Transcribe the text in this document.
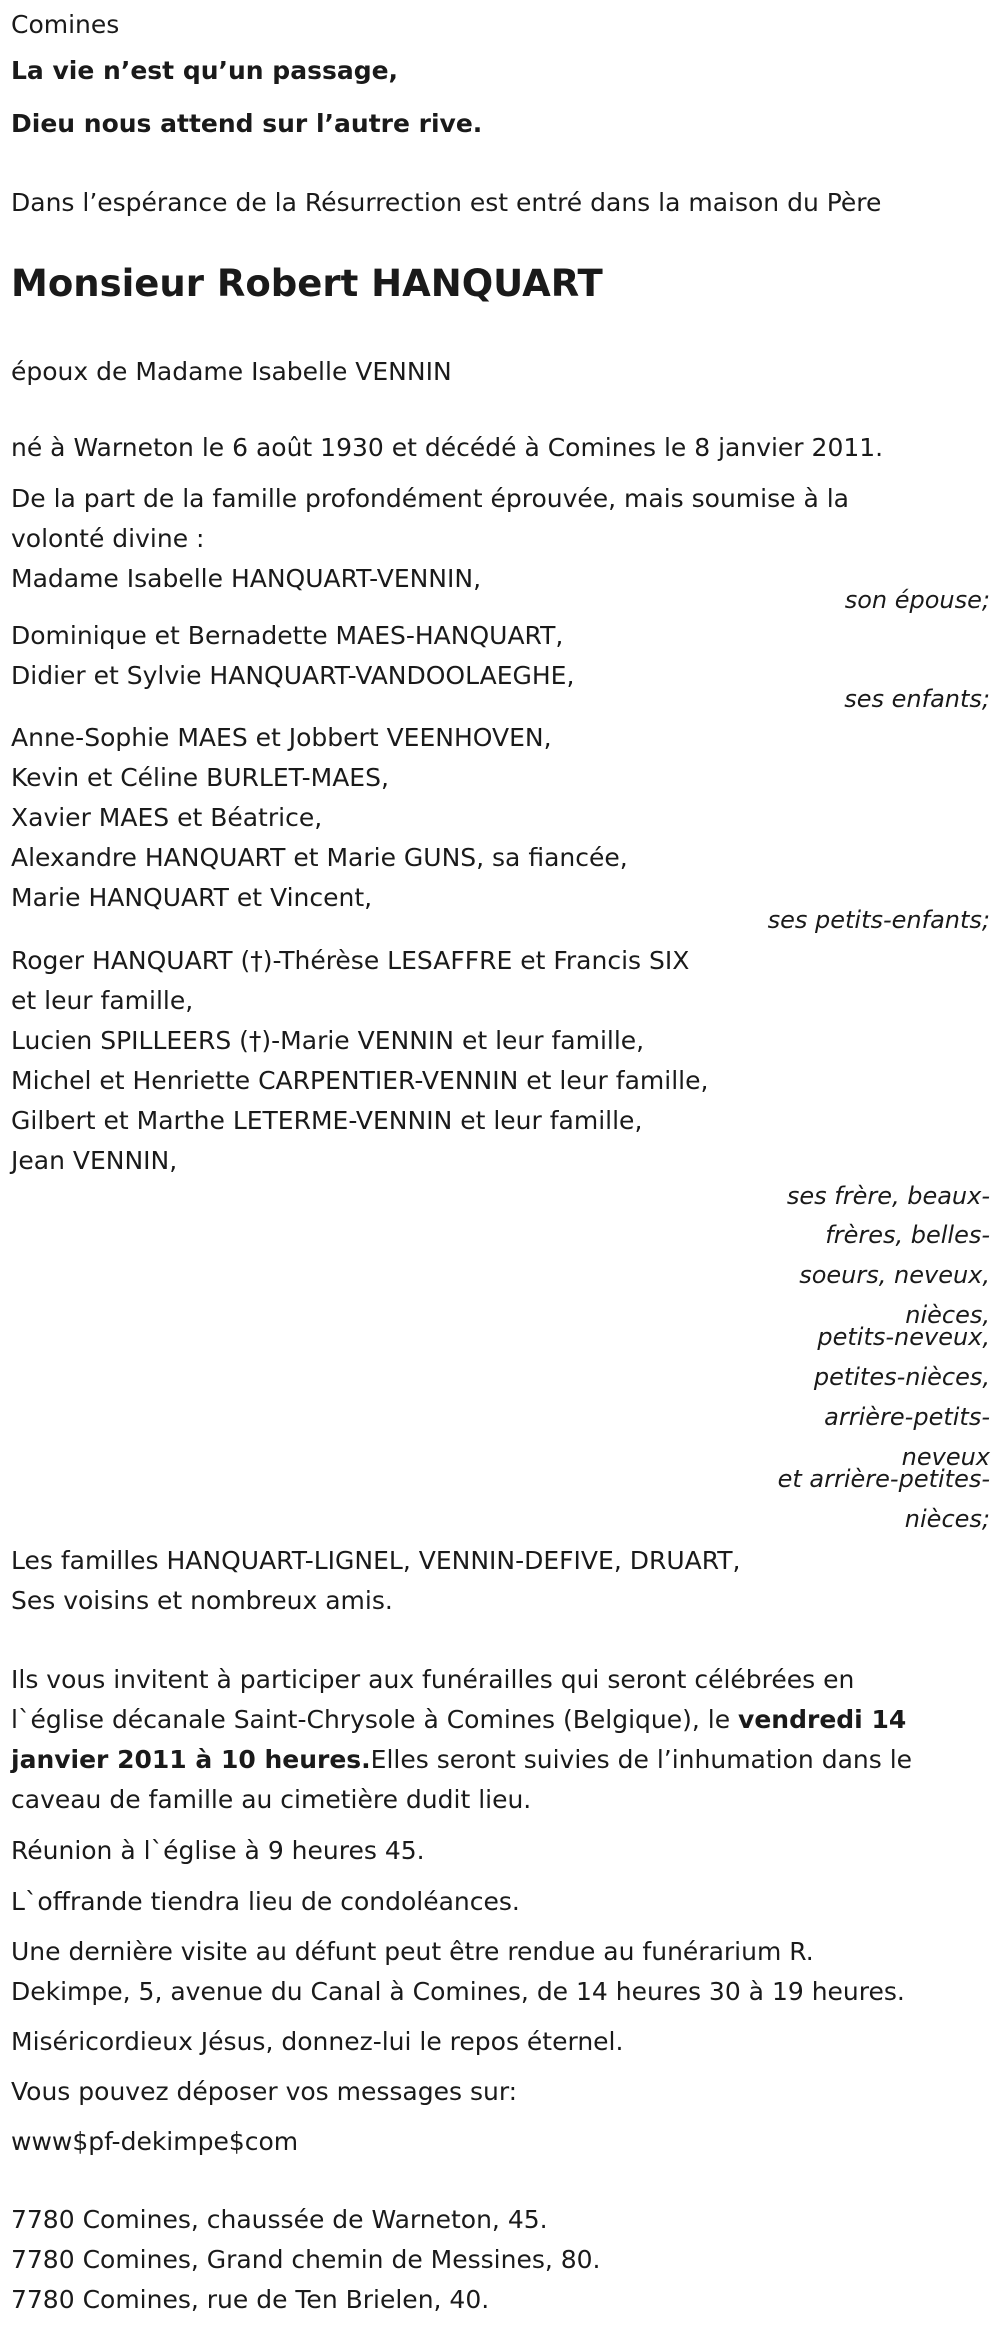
Comines
La vie n’est qu’un passage,
Dieu nous attend sur l’autre rive.
Dans l’espérance de la Résurrection est entré dans la maison du Père
Monsieur Robert HANQUART
époux de Madame Isabelle VENNIN
né à Warneton le 6 août 1930 et décédé à Comines le 8 janvier 2011.
De la part de la famille profondément éprouvée, mais soumise à la
volonté divine :
Madame Isabelle HANQUART-VENNIN,
son épouse;
Dominique et Bernadette MAES-HANQUART,
Didier et Sylvie HANQUART-VANDOOLAEGHE,
ses enfants;
Anne-Sophie MAES et Jobbert VEENHOVEN,
Kevin et Céline BURLET-MAES,
Xavier MAES et Béatrice,
Alexandre HANQUART et Marie GUNS, sa fiancée,
Marie HANQUART et Vincent,
ses petits-enfants;
Roger HANQUART (†)-Thérèse LESAFFRE et Francis SIX
et leur famille,
Lucien SPILLEERS (†)-Marie VENNIN et leur famille,
Michel et Henriette CARPENTIER-VENNIN et leur famille,
Gilbert et Marthe LETERME-VENNIN et leur famille,
Jean VENNIN,
ses frère, beaux-
frères, belles-
soeurs, neveux,
nièces,
petits-neveux,
petites-nièces,
arrière-petits-
neveux
et arrière-petites-
nièces;
Les familles HANQUART-LIGNEL, VENNIN-DEFIVE, DRUART,
Ses voisins et nombreux amis.
Ils vous invitent à participer aux funérailles qui seront célébrées en
l`église décanale Saint-Chrysole à Comines (Belgique), le vendredi 14
janvier 2011 à 10 heures.Elles seront suivies de l’inhumation dans le
caveau de famille au cimetière dudit lieu.
Réunion à l`église à 9 heures 45.
L`offrande tiendra lieu de condoléances.
Une dernière visite au défunt peut être rendue au funérarium R.
Dekimpe, 5, avenue du Canal à Comines, de 14 heures 30 à 19 heures.
Miséricordieux Jésus, donnez-lui le repos éternel.
Vous pouvez déposer vos messages sur:
www$pf-dekimpe$com
7780 Comines, chaussée de Warneton, 45.
7780 Comines, Grand chemin de Messines, 80.
7780 Comines, rue de Ten Brielen, 40.
